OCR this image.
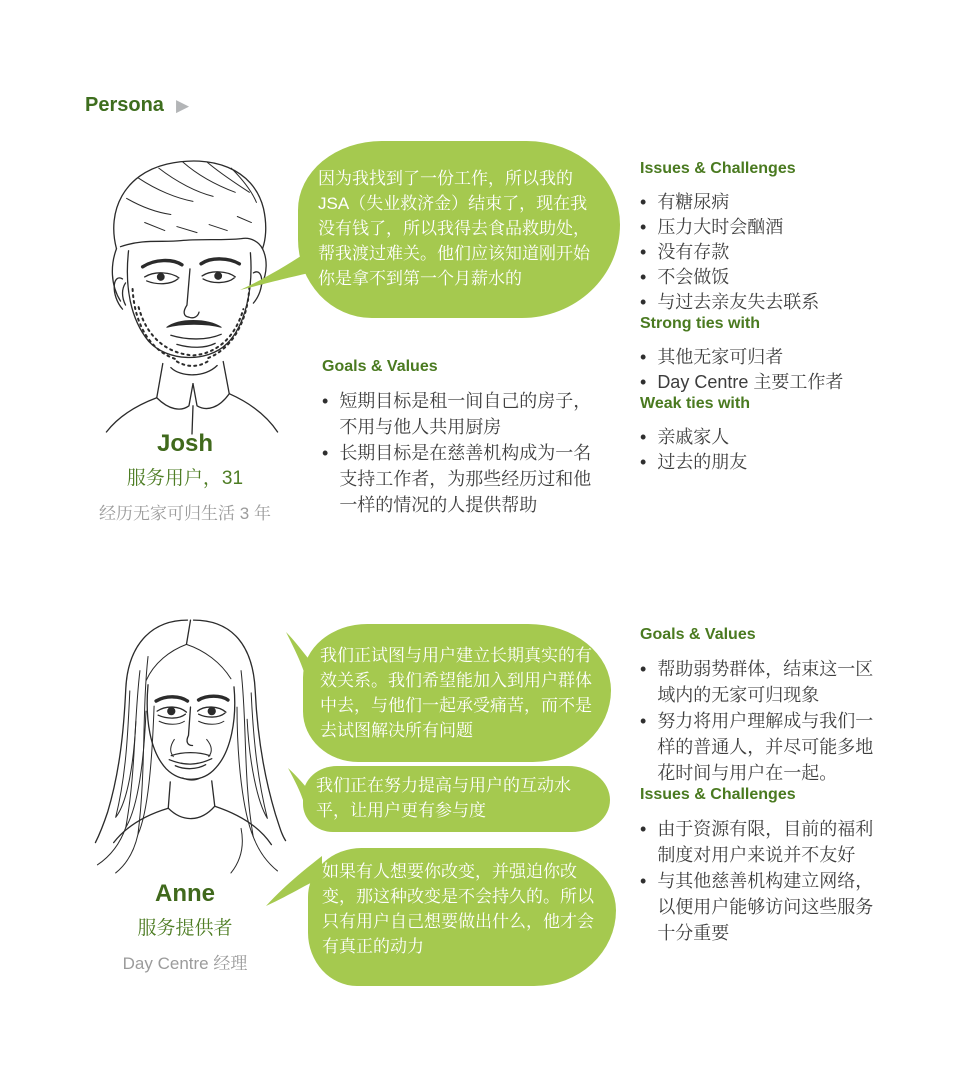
Persona ▶
因为我找到了一份工作，所以我的JSA（失业救济金）结束了，现在我没有钱了，所以我得去食品救助处，帮我渡过难关。他们应该知道刚开始你是拿不到第一个月薪水的
Goals & Values
• 短期目标是租一间自己的房子，不用与他人共用厨房
• 长期目标是在慈善机构成为一名支持工作者，为那些经历过和他一样的情况的人提供帮助
Issues & Challenges
• 有糖尿病
• 压力大时会酗酒
• 没有存款
• 不会做饭
• 与过去亲友失去联系
Strong ties with
• 其他无家可归者
• Day Centre 主要工作者
Weak ties with
• 亲戚家人
• 过去的朋友
Josh
服务用户，31
经历无家可归生活 3 年
我们正试图与用户建立长期真实的有效关系。我们希望能加入到用户群体中去，与他们一起承受痛苦，而不是去试图解决所有问题
我们正在努力提高与用户的互动水平，让用户更有参与度
如果有人想要你改变，并强迫你改变，那这种改变是不会持久的。所以只有用户自己想要做出什么，他才会有真正的动力
Goals & Values
• 帮助弱势群体，结束这一区域内的无家可归现象
• 努力将用户理解成与我们一样的普通人，并尽可能多地花时间与用户在一起。
Issues & Challenges
• 由于资源有限，目前的福利制度对用户来说并不友好
• 与其他慈善机构建立网络，以便用户能够访问这些服务十分重要
Anne
服务提供者
Day Centre 经理
